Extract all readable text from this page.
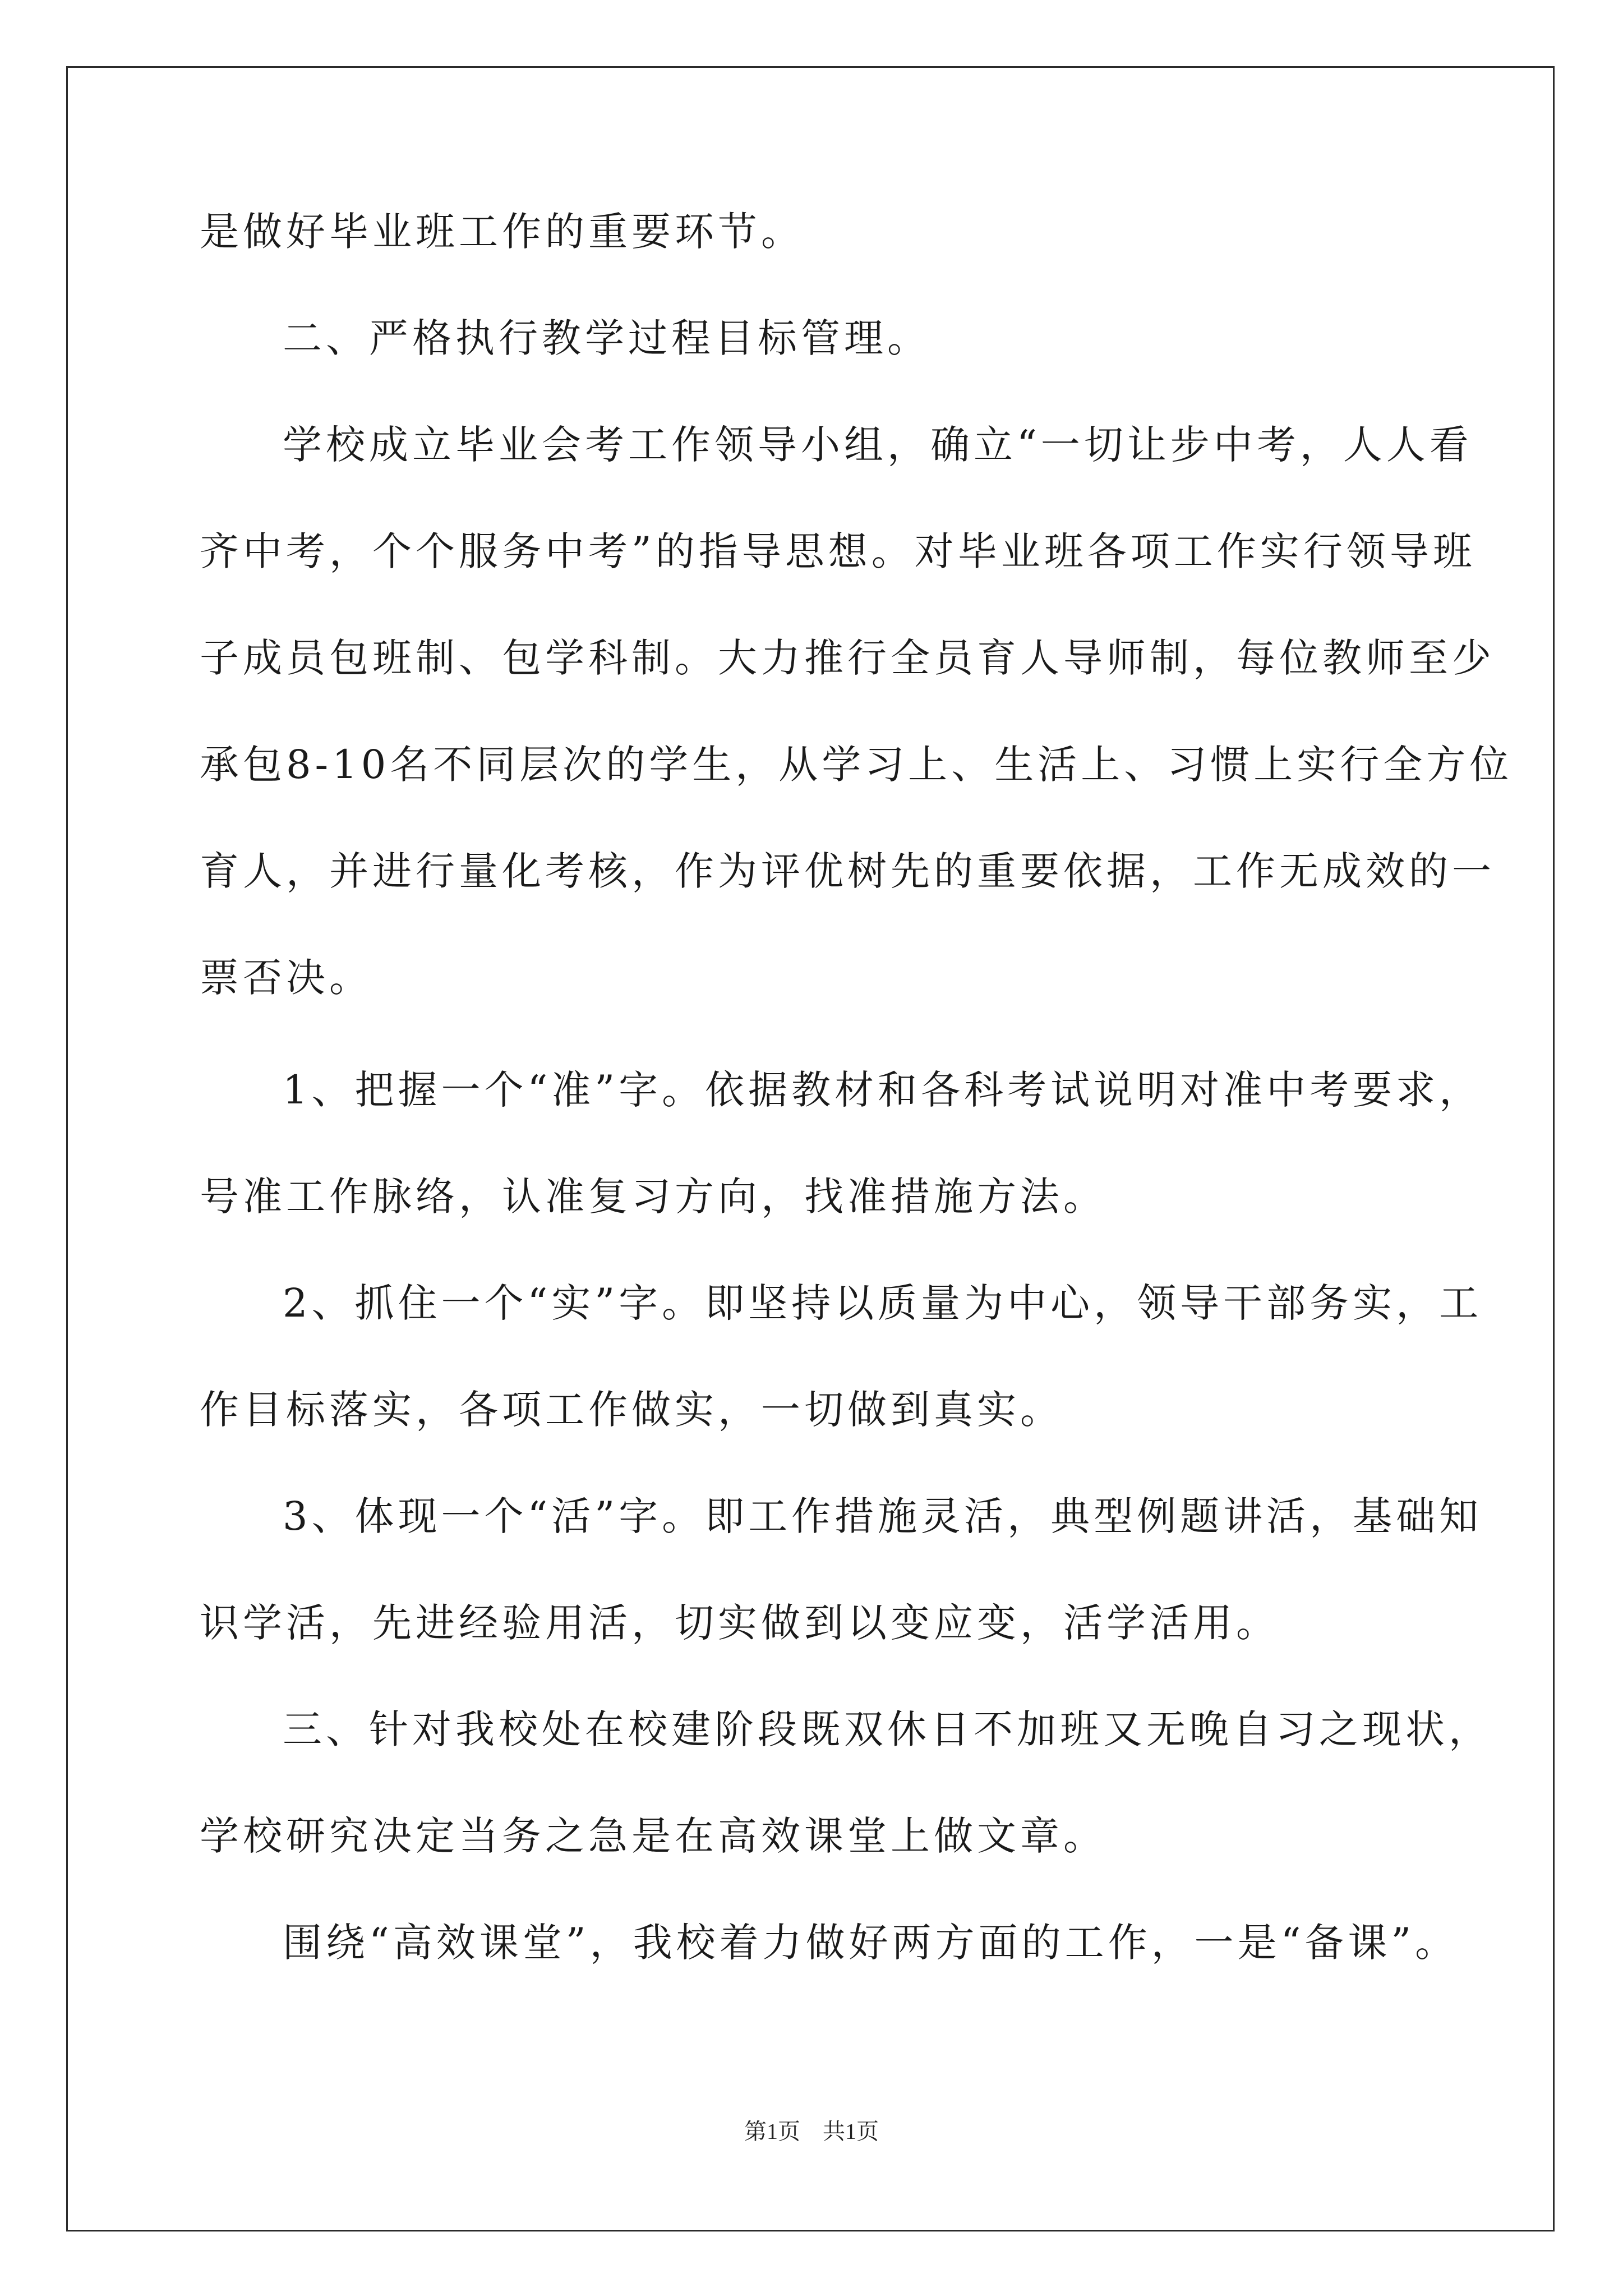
是做好毕业班工作的重要环节。
二、严格执行教学过程目标管理。
学校成立毕业会考工作领导小组，确立“一切让步中考，人人看
齐中考，个个服务中考”的指导思想。对毕业班各项工作实行领导班
子成员包班制、包学科制。大力推行全员育人导师制，每位教师至少
承包8-10名不同层次的学生，从学习上、生活上、习惯上实行全方位
育人，并进行量化考核，作为评优树先的重要依据，工作无成效的一
票否决。
1、把握一个“准”字。依据教材和各科考试说明对准中考要求，
号准工作脉络，认准复习方向，找准措施方法。
2、抓住一个“实”字。即坚持以质量为中心，领导干部务实，工
作目标落实，各项工作做实，一切做到真实。
3、体现一个“活”字。即工作措施灵活，典型例题讲活，基础知
识学活，先进经验用活，切实做到以变应变，活学活用。
三、针对我校处在校建阶段既双休日不加班又无晚自习之现状，
学校研究决定当务之急是在高效课堂上做文章。
围绕“高效课堂”，我校着力做好两方面的工作，一是“备课”。
第1页　共1页
